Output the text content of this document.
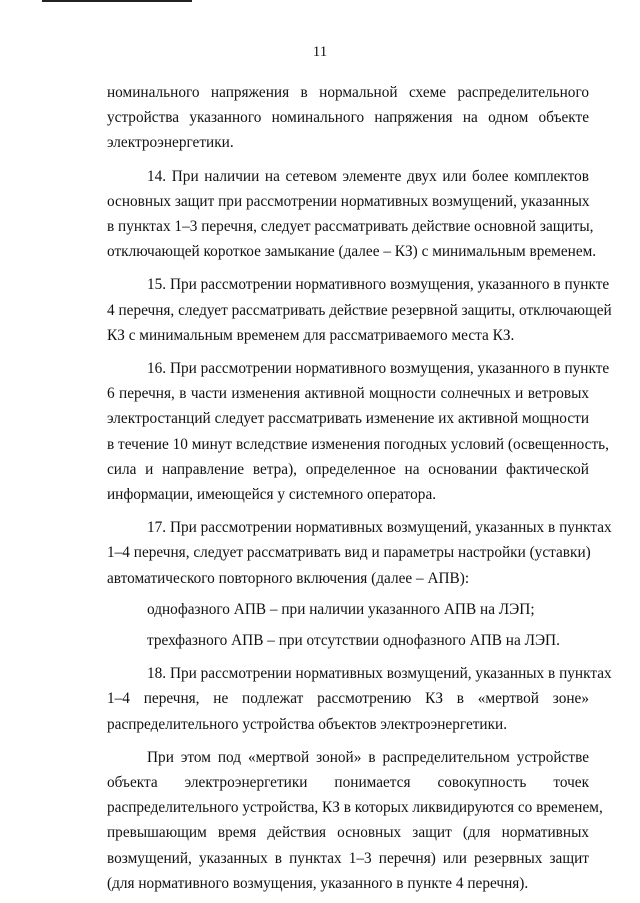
11
номинального напряжения в нормальной схеме распределительного
устройства указанного номинального напряжения на одном объекте
электроэнергетики.
14. При наличии на сетевом элементе двух или более комплектов
основных защит при рассмотрении нормативных возмущений, указанных
в пунктах 1–3 перечня, следует рассматривать действие основной защиты,
отключающей короткое замыкание (далее – КЗ) с минимальным временем.
15. При рассмотрении нормативного возмущения, указанного в пункте
4 перечня, следует рассматривать действие резервной защиты, отключающей
КЗ с минимальным временем для рассматриваемого места КЗ.
16. При рассмотрении нормативного возмущения, указанного в пункте
6 перечня, в части изменения активной мощности солнечных и ветровых
электростанций следует рассматривать изменение их активной мощности
в течение 10 минут вследствие изменения погодных условий (освещенность,
сила и направление ветра), определенное на основании фактической
информации, имеющейся у системного оператора.
17. При рассмотрении нормативных возмущений, указанных в пунктах
1–4 перечня, следует рассматривать вид и параметры настройки (уставки)
автоматического повторного включения (далее – АПВ):
однофазного АПВ – при наличии указанного АПВ на ЛЭП;
трехфазного АПВ – при отсутствии однофазного АПВ на ЛЭП.
18. При рассмотрении нормативных возмущений, указанных в пунктах
1–4 перечня, не подлежат рассмотрению КЗ в «мертвой зоне»
распределительного устройства объектов электроэнергетики.
При этом под «мертвой зоной» в распределительном устройстве
объекта электроэнергетики понимается совокупность точек
распределительного устройства, КЗ в которых ликвидируются со временем,
превышающим время действия основных защит (для нормативных
возмущений, указанных в пунктах 1–3 перечня) или резервных защит
(для нормативного возмущения, указанного в пункте 4 перечня).
